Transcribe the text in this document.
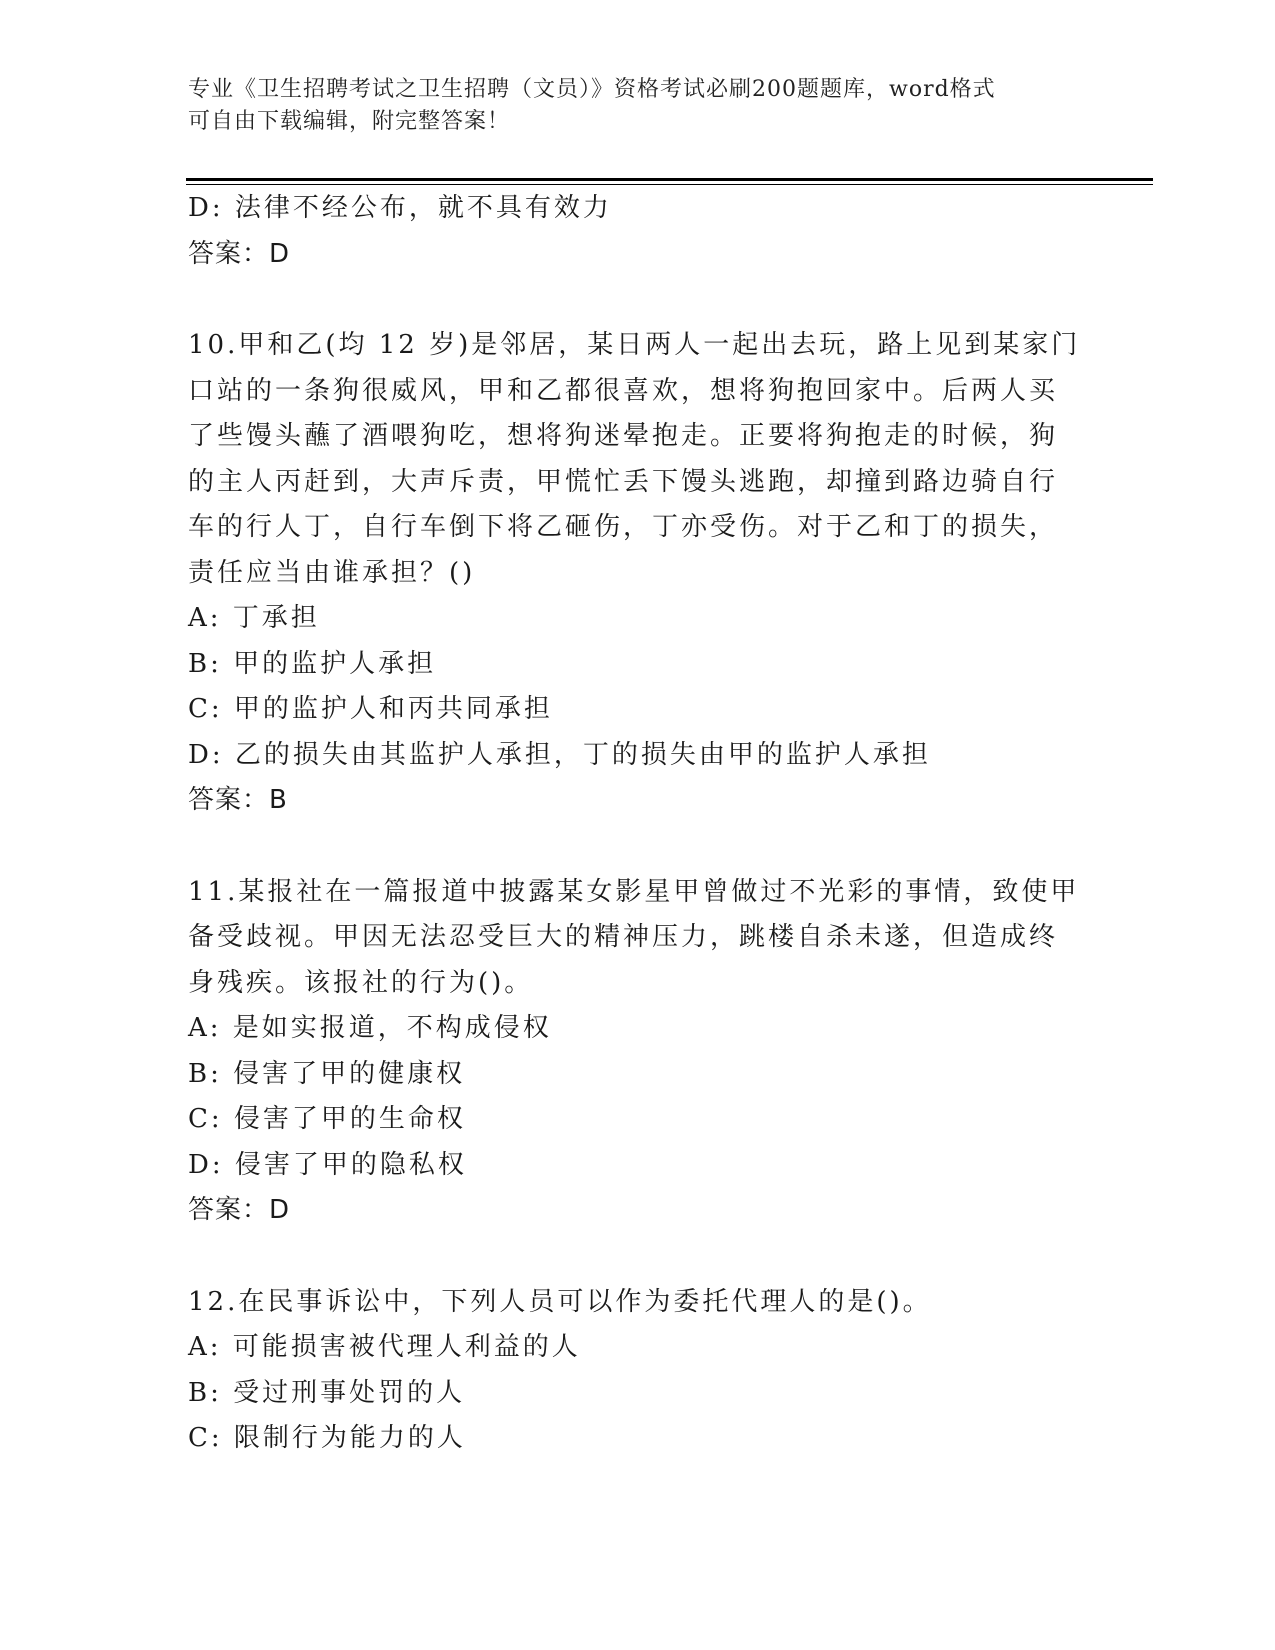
专业《卫生招聘考试之卫生招聘（文员）》资格考试必刷200题题库，word格式
可自由下载编辑，附完整答案！
D: 法律不经公布，就不具有效力
答案：D
10.甲和乙(均 12 岁)是邻居，某日两人一起出去玩，路上见到某家门
口站的一条狗很威风，甲和乙都很喜欢，想将狗抱回家中。后两人买
了些馒头蘸了酒喂狗吃，想将狗迷晕抱走。正要将狗抱走的时候，狗
的主人丙赶到，大声斥责，甲慌忙丢下馒头逃跑，却撞到路边骑自行
车的行人丁，自行车倒下将乙砸伤，丁亦受伤。对于乙和丁的损失，
责任应当由谁承担？()
A: 丁承担
B: 甲的监护人承担
C: 甲的监护人和丙共同承担
D: 乙的损失由其监护人承担，丁的损失由甲的监护人承担
答案：B
11.某报社在一篇报道中披露某女影星甲曾做过不光彩的事情，致使甲
备受歧视。甲因无法忍受巨大的精神压力，跳楼自杀未遂，但造成终
身残疾。该报社的行为()。
A: 是如实报道，不构成侵权
B: 侵害了甲的健康权
C: 侵害了甲的生命权
D: 侵害了甲的隐私权
答案：D
12.在民事诉讼中，下列人员可以作为委托代理人的是()。
A: 可能损害被代理人利益的人
B: 受过刑事处罚的人
C: 限制行为能力的人
